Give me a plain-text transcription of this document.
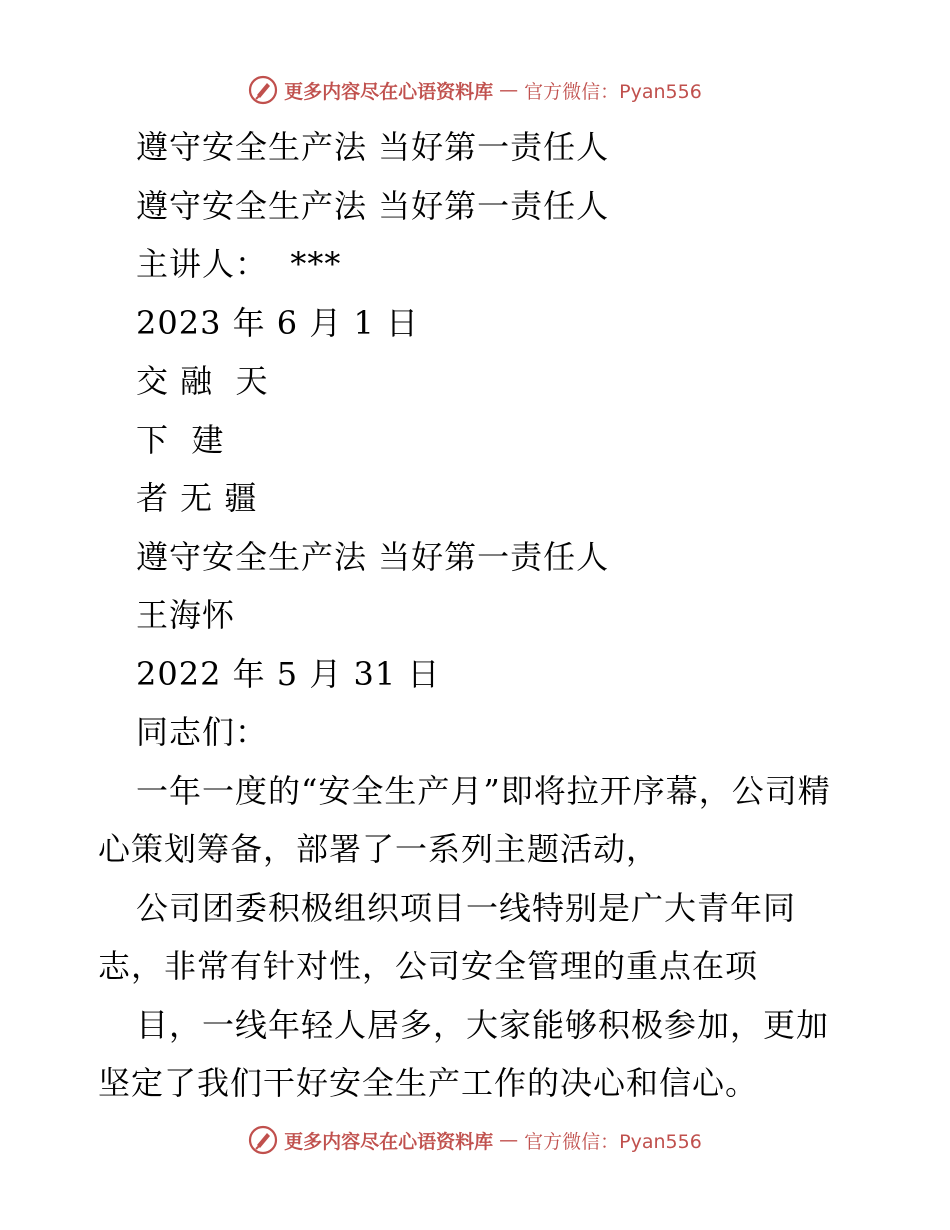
更多内容尽在心语资料库 — 官方微信：Pyan556
遵守安全生产法 当好第一责任人
遵守安全生产法 当好第一责任人
主讲人：  ***
2023 年 6 月 1 日
交 融  天
下  建
者 无 疆
遵守安全生产法 当好第一责任人
王海怀
2022 年 5 月 31 日
同志们：
一年一度的“安全生产月”即将拉开序幕，公司精心策划筹备，部署了一系列主题活动，
公司团委积极组织项目一线特别是广大青年同志，非常有针对性，公司安全管理的重点在项
目，一线年轻人居多，大家能够积极参加，更加坚定了我们干好安全生产工作的决心和信心。
更多内容尽在心语资料库 — 官方微信：Pyan556
